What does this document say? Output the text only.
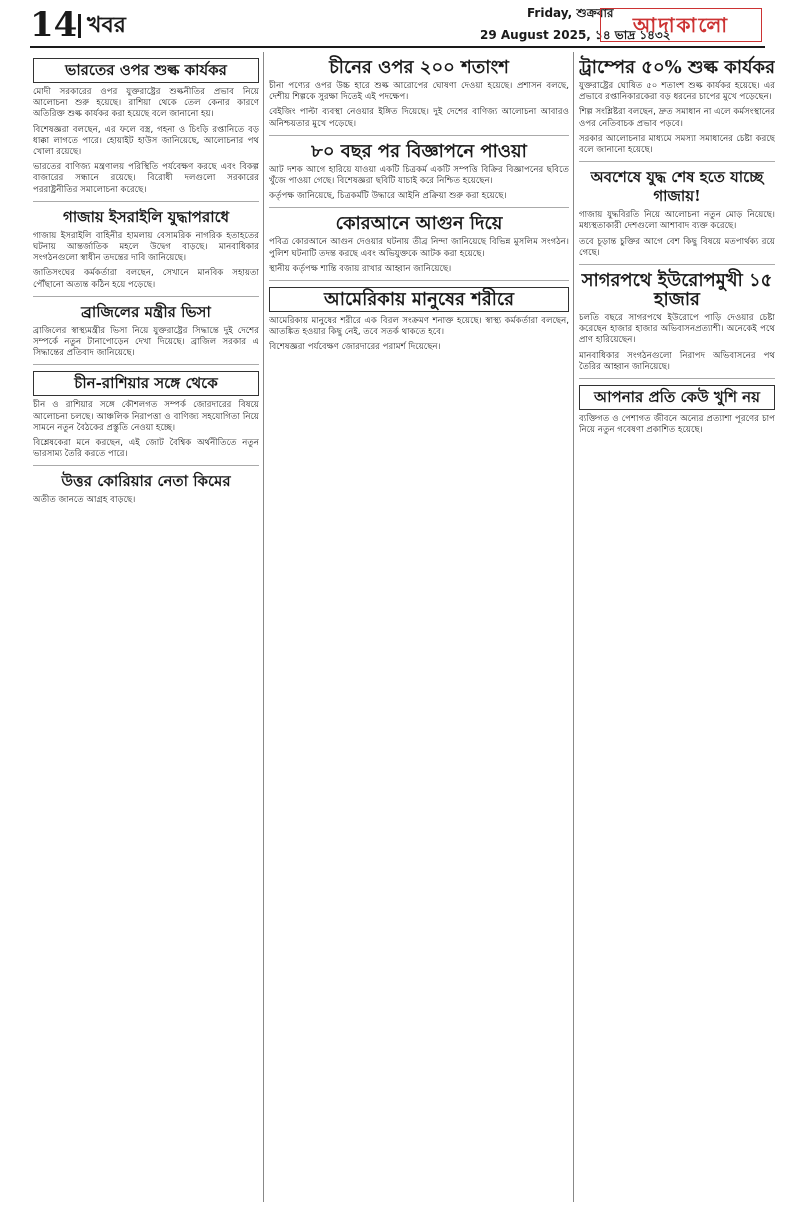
14 খবর	Friday, শুক্রবার
29 August 2025, ১৪ ভাদ্র ১৪৩২
আদাকালো
ভারতের ওপর শুল্ক কার্যকর

মোদী সরকারের ওপর যুক্তরাষ্ট্রের শুল্কনীতির প্রভাব নিয়ে আলোচনা শুরু হয়েছে। রাশিয়া থেকে তেল কেনার কারণে অতিরিক্ত শুল্ক কার্যকর করা হয়েছে বলে জানানো হয়।

বিশেষজ্ঞরা বলছেন, এর ফলে বস্ত্র, গহনা ও চিংড়ি রপ্তানিতে বড় ধাক্কা লাগতে পারে। হোয়াইট হাউস জানিয়েছে, আলোচনার পথ খোলা রয়েছে।

ভারতের বাণিজ্য মন্ত্রণালয় পরিস্থিতি পর্যবেক্ষণ করছে এবং বিকল্প বাজারের সন্ধানে রয়েছে। বিরোধী দলগুলো সরকারের পররাষ্ট্রনীতির সমালোচনা করেছে।

গাজায় ইসরাইলি যুদ্ধাপরাধে

গাজায় ইসরাইলি বাহিনীর হামলায় বেসামরিক নাগরিক হতাহতের ঘটনায় আন্তর্জাতিক মহলে উদ্বেগ বাড়ছে। মানবাধিকার সংগঠনগুলো স্বাধীন তদন্তের দাবি জানিয়েছে।

জাতিসংঘের কর্মকর্তারা বলছেন, সেখানে মানবিক সহায়তা পৌঁছানো অত্যন্ত কঠিন হয়ে পড়েছে।

ব্রাজিলের মন্ত্রীর ভিসা

ব্রাজিলের স্বাস্থ্যমন্ত্রীর ভিসা নিয়ে যুক্তরাষ্ট্রের সিদ্ধান্তে দুই দেশের সম্পর্কে নতুন টানাপোড়েন দেখা দিয়েছে। ব্রাজিল সরকার এ সিদ্ধান্তের প্রতিবাদ জানিয়েছে।

চীন-রাশিয়ার সঙ্গে থেকে

চীন ও রাশিয়ার সঙ্গে কৌশলগত সম্পর্ক জোরদারের বিষয়ে আলোচনা চলছে। আঞ্চলিক নিরাপত্তা ও বাণিজ্য সহযোগিতা নিয়ে সামনে নতুন বৈঠকের প্রস্তুতি নেওয়া হচ্ছে।

বিশ্লেষকেরা মনে করছেন, এই জোট বৈশ্বিক অর্থনীতিতে নতুন ভারসাম্য তৈরি করতে পারে।

উত্তর কোরিয়ার নেতা কিমের

অতীত জানতে আগ্রহ বাড়ছে।

চীনের ওপর ২০০ শতাংশ

চীনা পণ্যের ওপর উচ্চ হারে শুল্ক আরোপের ঘোষণা দেওয়া হয়েছে। প্রশাসন বলছে, দেশীয় শিল্পকে সুরক্ষা দিতেই এই পদক্ষেপ।

বেইজিং পাল্টা ব্যবস্থা নেওয়ার ইঙ্গিত দিয়েছে। দুই দেশের বাণিজ্য আলোচনা আবারও অনিশ্চয়তার মুখে পড়েছে।

৮০ বছর পর বিজ্ঞাপনে পাওয়া

আট দশক আগে হারিয়ে যাওয়া একটি চিত্রকর্ম একটি সম্পত্তি বিক্রির বিজ্ঞাপনের ছবিতে খুঁজে পাওয়া গেছে। বিশেষজ্ঞরা ছবিটি যাচাই করে নিশ্চিত হয়েছেন।

কর্তৃপক্ষ জানিয়েছে, চিত্রকর্মটি উদ্ধারে আইনি প্রক্রিয়া শুরু করা হয়েছে।

কোরআনে আগুন দিয়ে

পবিত্র কোরআনে আগুন দেওয়ার ঘটনায় তীব্র নিন্দা জানিয়েছে বিভিন্ন মুসলিম সংগঠন। পুলিশ ঘটনাটি তদন্ত করছে এবং অভিযুক্তকে আটক করা হয়েছে।

স্থানীয় কর্তৃপক্ষ শান্তি বজায় রাখার আহ্বান জানিয়েছে।

আমেরিকায় মানুষের শরীরে

আমেরিকায় মানুষের শরীরে এক বিরল সংক্রমণ শনাক্ত হয়েছে। স্বাস্থ্য কর্মকর্তারা বলছেন, আতঙ্কিত হওয়ার কিছু নেই, তবে সতর্ক থাকতে হবে।

বিশেষজ্ঞরা পর্যবেক্ষণ জোরদারের পরামর্শ দিয়েছেন।

ট্রাম্পের ৫০% শুল্ক কার্যকর

যুক্তরাষ্ট্রের ঘোষিত ৫০ শতাংশ শুল্ক কার্যকর হয়েছে। এর প্রভাবে রপ্তানিকারকেরা বড় ধরনের চাপের মুখে পড়েছেন।

শিল্প সংশ্লিষ্টরা বলছেন, দ্রুত সমাধান না এলে কর্মসংস্থানের ওপর নেতিবাচক প্রভাব পড়বে।

সরকার আলোচনার মাধ্যমে সমস্যা সমাধানের চেষ্টা করছে বলে জানানো হয়েছে।

অবশেষে যুদ্ধ শেষ হতে যাচ্ছে গাজায়!

গাজায় যুদ্ধবিরতি নিয়ে আলোচনা নতুন মোড় নিয়েছে। মধ্যস্থতাকারী দেশগুলো আশাবাদ ব্যক্ত করেছে।

তবে চূড়ান্ত চুক্তির আগে বেশ কিছু বিষয়ে মতপার্থক্য রয়ে গেছে।

সাগরপথে ইউরোপমুখী ১৫ হাজার

চলতি বছরে সাগরপথে ইউরোপে পাড়ি দেওয়ার চেষ্টা করেছেন হাজার হাজার অভিবাসনপ্রত্যাশী। অনেকেই পথে প্রাণ হারিয়েছেন।

মানবাধিকার সংগঠনগুলো নিরাপদ অভিবাসনের পথ তৈরির আহ্বান জানিয়েছে।

আপনার প্রতি কেউ খুশি নয়

ব্যক্তিগত ও পেশাগত জীবনে অন্যের প্রত্যাশা পূরণের চাপ নিয়ে নতুন গবেষণা প্রকাশিত হয়েছে।
